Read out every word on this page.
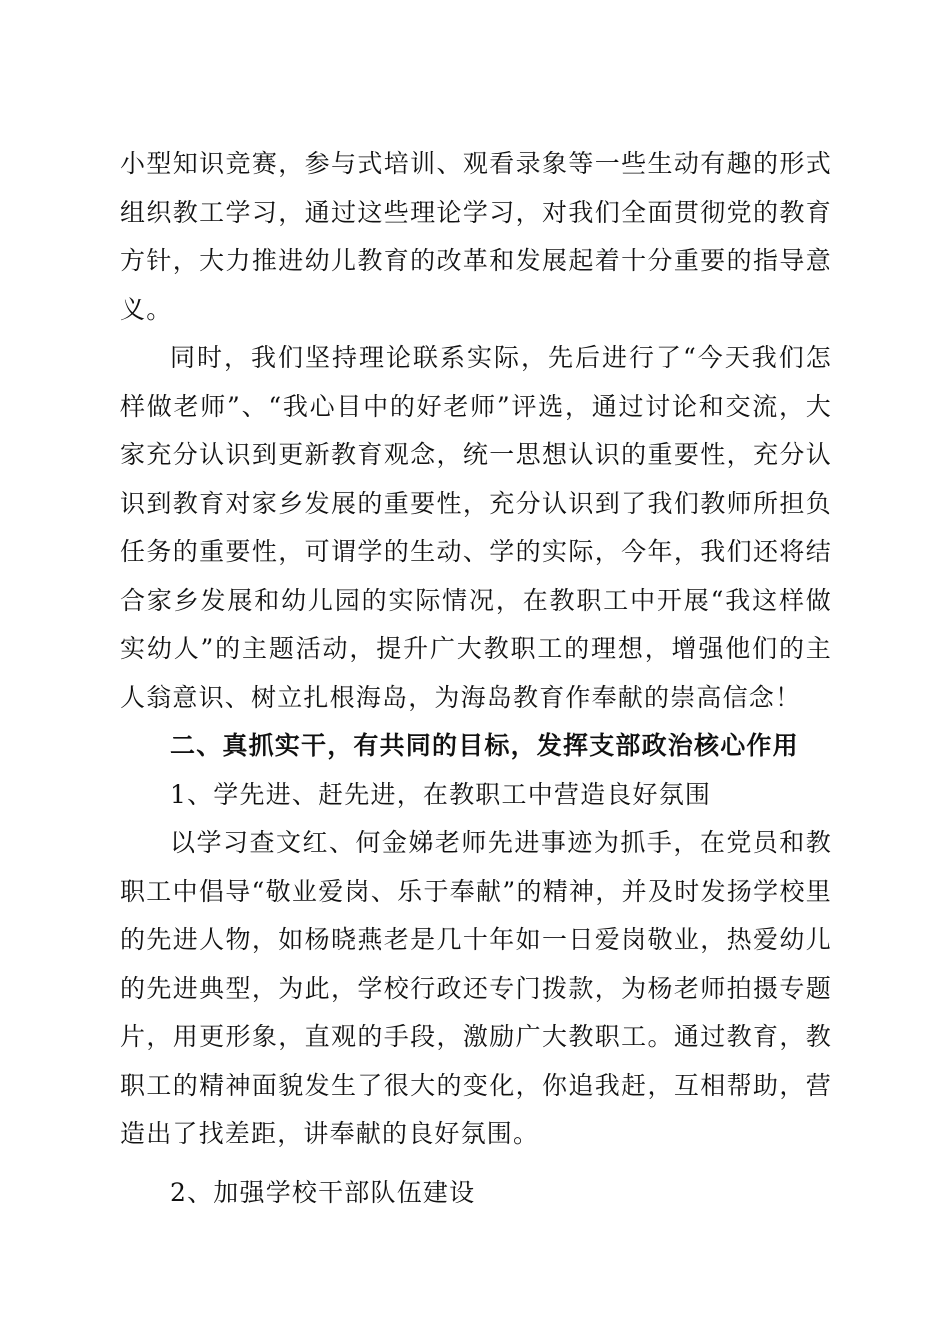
小型知识竞赛，参与式培训、观看录象等一些生动有趣的形式组织教工学习，通过这些理论学习，对我们全面贯彻党的教育方针，大力推进幼儿教育的改革和发展起着十分重要的指导意义。

同时，我们坚持理论联系实际，先后进行了“今天我们怎样做老师”、“我心目中的好老师”评选，通过讨论和交流，大家充分认识到更新教育观念，统一思想认识的重要性，充分认识到教育对家乡发展的重要性，充分认识到了我们教师所担负任务的重要性，可谓学的生动、学的实际，今年，我们还将结合家乡发展和幼儿园的实际情况，在教职工中开展“我这样做实幼人”的主题活动，提升广大教职工的理想，增强他们的主人翁意识、树立扎根海岛，为海岛教育作奉献的崇高信念！

二、真抓实干，有共同的目标，发挥支部政治核心作用

1、学先进、赶先进，在教职工中营造良好氛围

以学习查文红、何金娣老师先进事迹为抓手，在党员和教职工中倡导“敬业爱岗、乐于奉献”的精神，并及时发扬学校里的先进人物，如杨晓燕老是几十年如一日爱岗敬业，热爱幼儿的先进典型，为此，学校行政还专门拨款，为杨老师拍摄专题片，用更形象，直观的手段，激励广大教职工。通过教育，教职工的精神面貌发生了很大的变化，你追我赶，互相帮助，营造出了找差距，讲奉献的良好氛围。

2、加强学校干部队伍建设
